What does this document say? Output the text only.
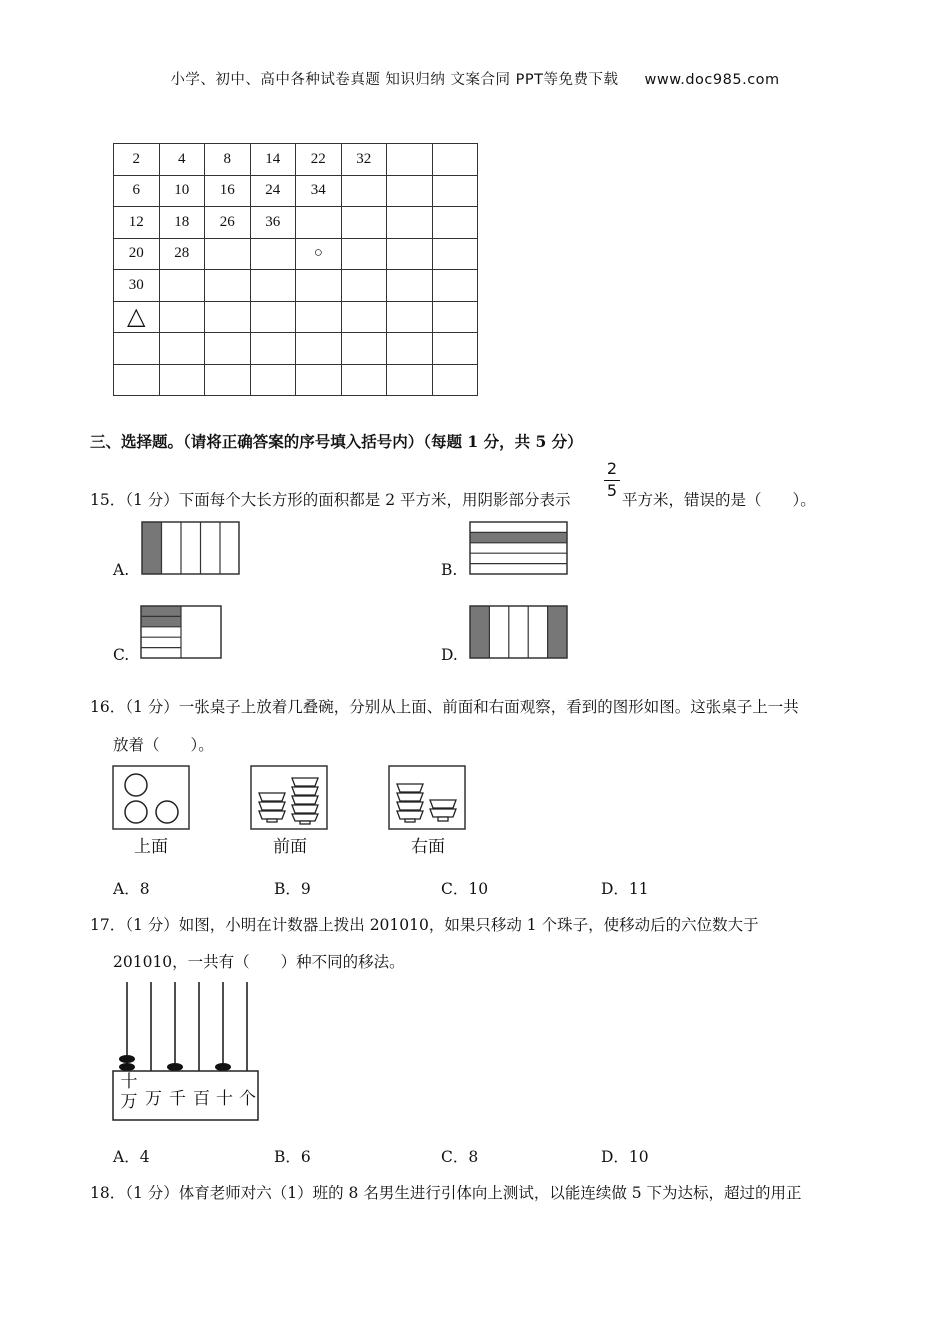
小学、初中、高中各种试卷真题 知识归纳 文案合同 PPT等免费下载 www.doc985.com
2	4	8	14	22	32		
6	10	16	24	34			
12	18	26	36				
20	28			○			
30							
△							

三、选择题。（请将正确答案的序号填入括号内）（每题 1 分，共 5 分）
15．（1 分）下面每个大长方形的面积都是 2 平方米，用阴影部分表示
2
5 平方米，错误的是（　　）。
A.	B.
C.	D.
16．（1 分）一张桌子上放着几叠碗，分别从上面、前面和右面观察，看到的图形如图。这张桌子上一共
放着（　　）。
上面	前面	右面
A．8	B．9	C．10	D．11
17．（1 分）如图，小明在计数器上拨出 201010，如果只移动 1 个珠子，使移动后的六位数大于
201010，一共有（　　）种不同的移法。
十
万 万 千 百 十 个
A．4	B．6	C．8	D．10
18．（1 分）体育老师对六（1）班的 8 名男生进行引体向上测试，以能连续做 5 下为达标，超过的用正
